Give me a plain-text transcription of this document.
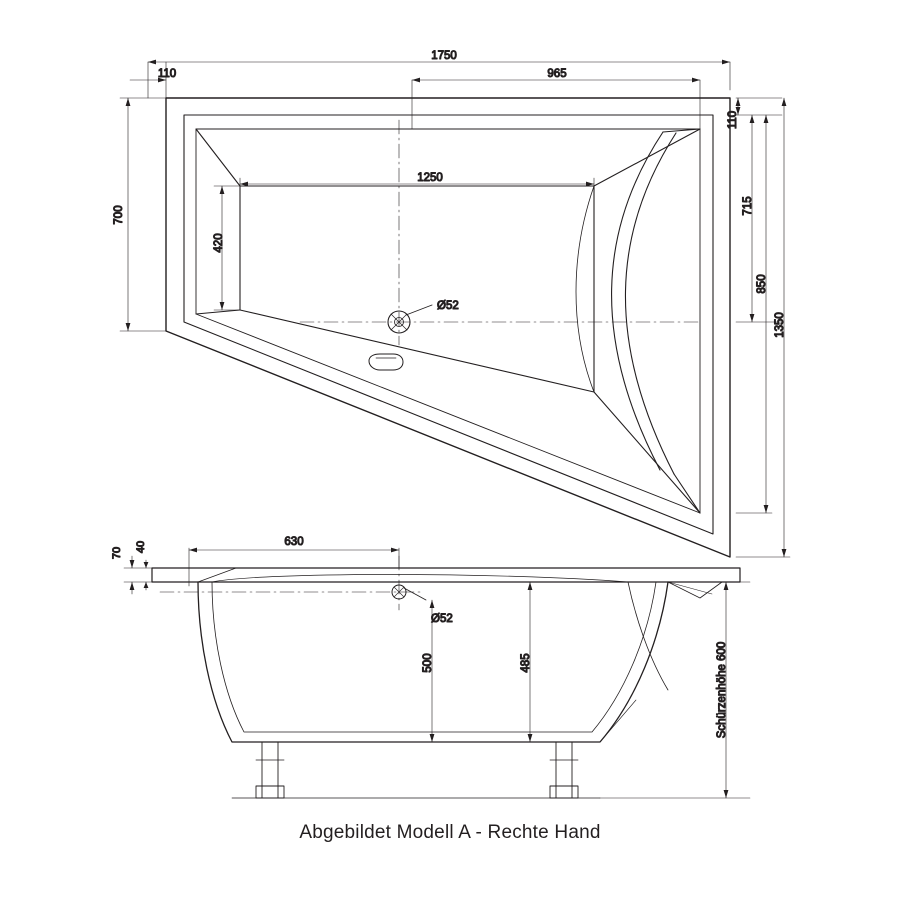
1750
110	965
1250
420
700
110
715
850
1350
Ø52
630
70 40
500	485	Schürzenhöhe 600
Ø52
Abgebildet Modell A - Rechte Hand
